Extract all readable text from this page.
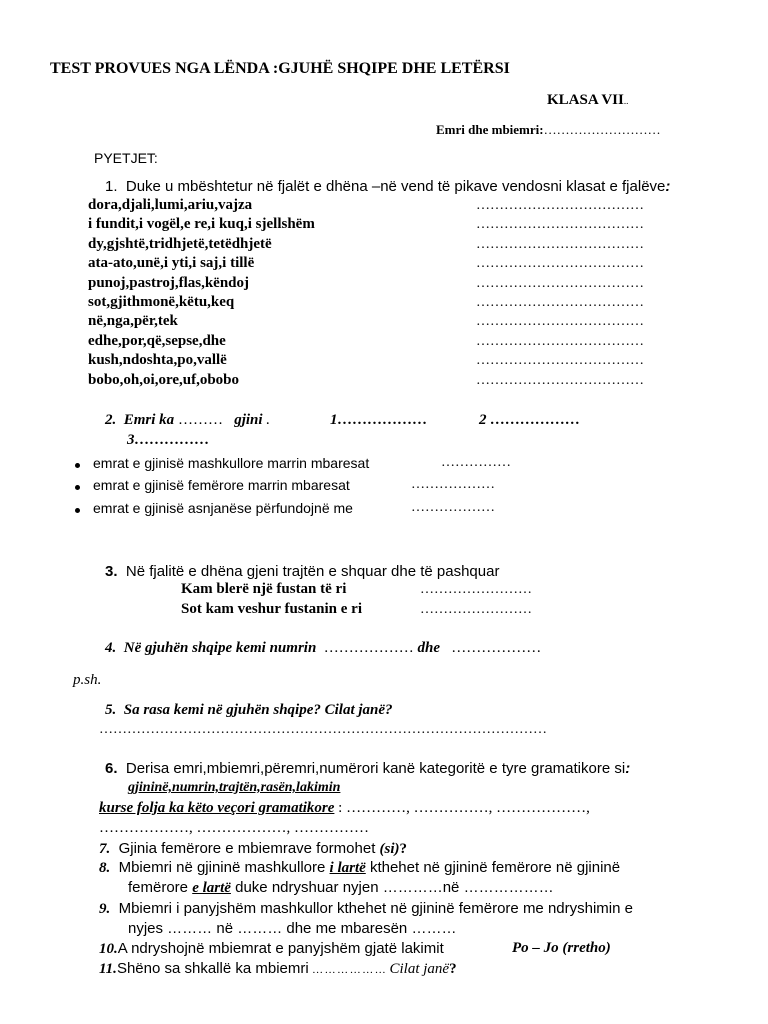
TEST PROVUES NGA LËNDA :GJUHË SHQIPE DHE LETËRSI
KLASA VII..
Emri dhe mbiemri:………………………
PYETJET:
1. Duke u mbështetur në fjalët e dhëna –në vend të pikave vendosni klasat e fjalëve:
dora,djali,lumi,ariu,vajza	………………………………
i fundit,i vogël,e re,i kuq,i sjellshëm	………………………………
dy,gjshtë,tridhjetë,tetëdhjetë	………………………………
ata-ato,unë,i yti,i saj,i tillë	………………………………
punoj,pastroj,flas,këndoj	………………………………
sot,gjithmonë,këtu,keq	………………………………
në,nga,për,tek	………………………………
edhe,por,që,sepse,dhe	………………………………
kush,ndoshta,po,vallë	………………………………
bobo,oh,oi,ore,uf,obobo	………………………………
2. Emri ka ……… gjini .	1………………	2 ………………
3……………
emrat e gjinisë mashkullore marrin mbaresat	……………
emrat e gjinisë femërore marrin mbaresat	………………
emrat e gjinisë asnjanëse përfundojnë me	………………
3. Në fjalitë e dhëna gjeni trajtën e shquar dhe të pashquar
Kam blerë një fustan të ri	……………………
Sot kam veshur fustanin e ri	……………………
4. Në gjuhën shqipe kemi numrin ……………… dhe ………………
p.sh.
5. Sa rasa kemi në gjuhën shqipe? Cilat janë?
……………………………………………………………………………………
6. Derisa emri,mbiemri,përemri,numërori kanë kategoritë e tyre gramatikore si:
gjininë,numrin,trajtën,rasën,lakimin
kurse folja ka këto veçori gramatikore : …………, ……………, ………………,
………………, ………………, ……………
7. Gjinia femërore e mbiemrave formohet (si)?
8. Mbiemri në gjininë mashkullore i lartë kthehet në gjininë femërore në gjininë
femërore e lartë duke ndryshuar nyjen …………në ………………
9. Mbiemri i panyjshëm mashkullor kthehet në gjininë femërore me ndryshimin e
nyjes ……… në ……… dhe me mbaresën ………
10.A ndryshojnë mbiemrat e panyjshëm gjatë lakimit	Po – Jo (rretho)
11.Shëno sa shkallë ka mbiemri … … … … … … Cilat janë?
